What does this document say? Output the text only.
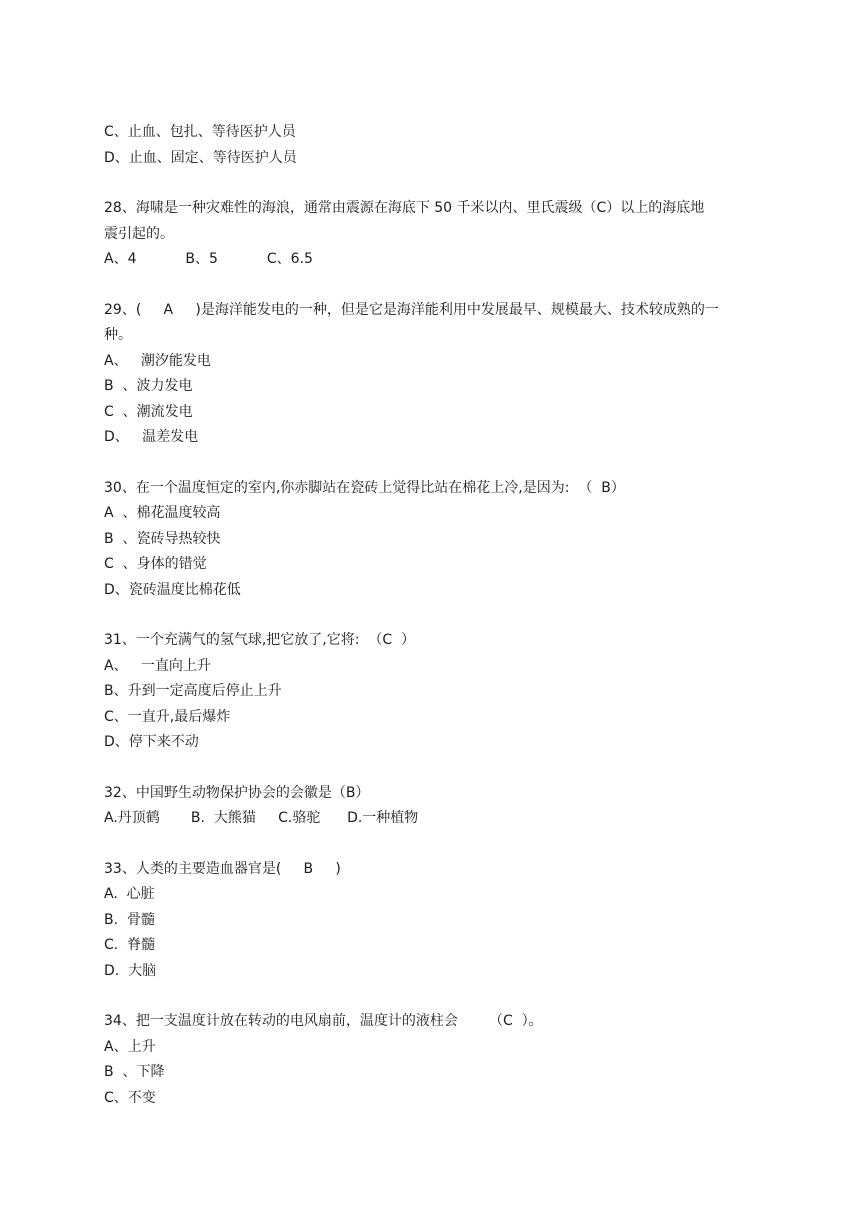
C、止血、包扎、等待医护人员
D、止血、固定、等待医护人员
28、海啸是一种灾难性的海浪，通常由震源在海底下 50 千米以内、里氏震级（C）以上的海底地
震引起的。
A、4           B、5           C、6.5
29、(     A     )是海洋能发电的一种，但是它是海洋能利用中发展最早、规模最大、技术较成熟的一
种。
A、   潮汐能发电
B  、波力发电
C  、潮流发电
D、   温差发电
30、在一个温度恒定的室内,你赤脚站在瓷砖上觉得比站在棉花上冷,是因为:  （  B）
A  、棉花温度较高
B  、瓷砖导热较快
C  、身体的错觉
D、瓷砖温度比棉花低
31、一个充满气的氢气球,把它放了,它将:  （C  ）
A、   一直向上升
B、升到一定高度后停止上升
C、一直升,最后爆炸
D、停下来不动
32、中国野生动物保护协会的会徽是（B）
A.丹顶鹤       B.  大熊猫     C.骆驼      D.一种植物
33、人类的主要造血器官是(     B     )
A.  心脏
B.  骨髓
C.  脊髓
D.  大脑
34、把一支温度计放在转动的电风扇前，温度计的液柱会       （C  ）。
A、上升
B  、下降
C、不变
